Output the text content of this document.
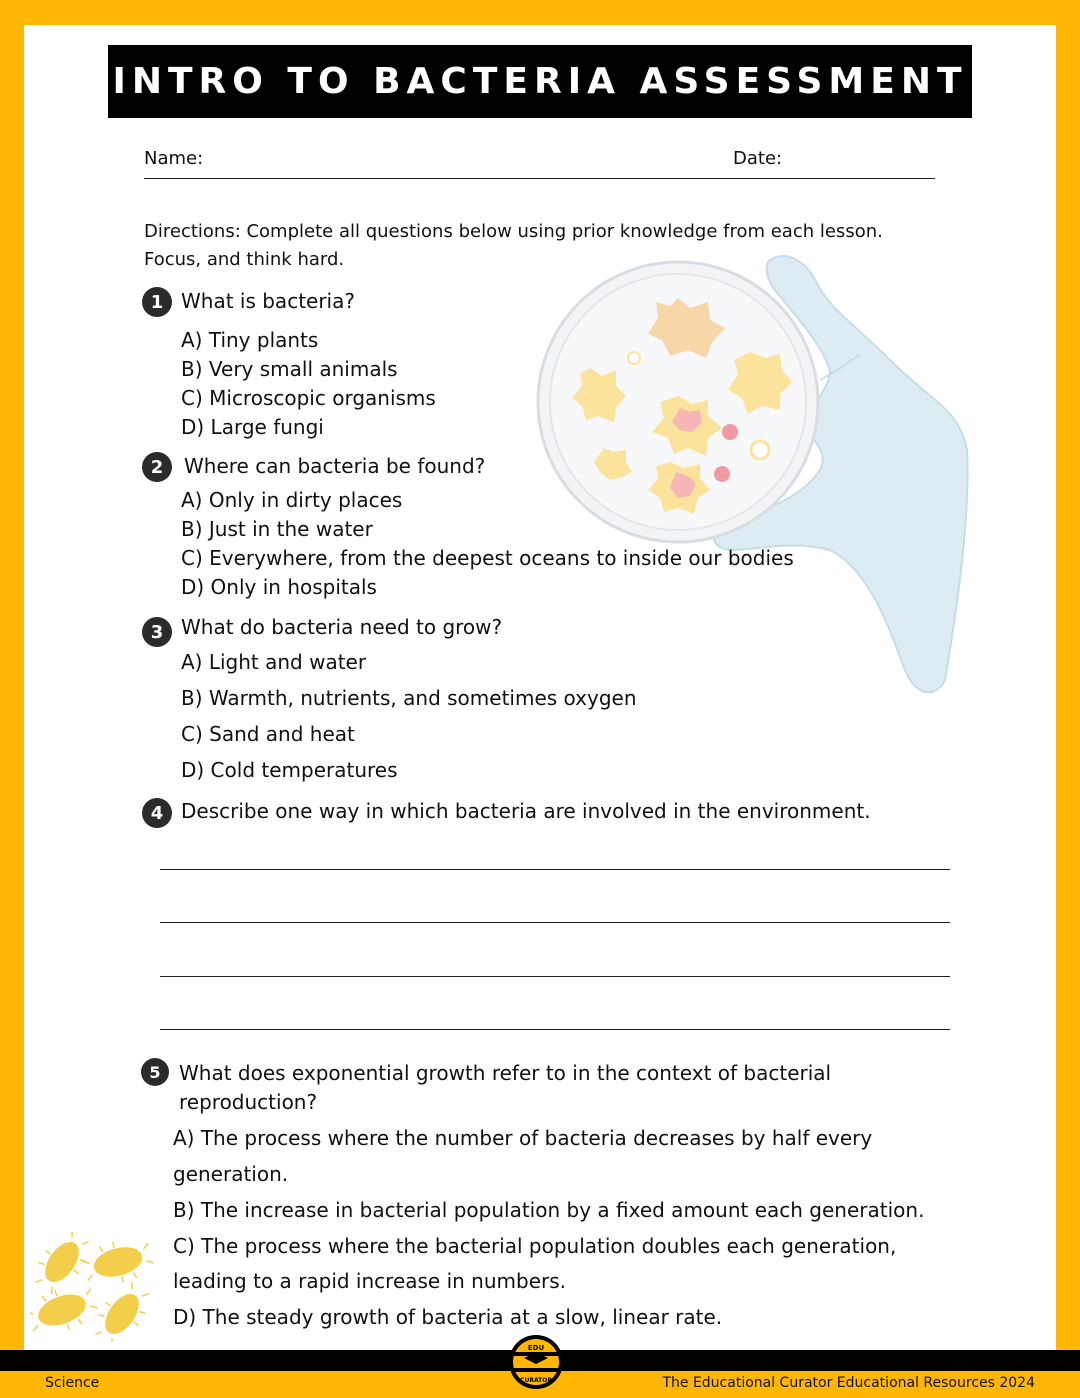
INTRO TO BACTERIA ASSESSMENT
Name:	Date:
Directions: Complete all questions below using prior knowledge from each lesson.
Focus, and think hard.
1 What is bacteria?
A) Tiny plants
B) Very small animals
C) Microscopic organisms
D) Large fungi
2	Where can bacteria be found?
A) Only in dirty places
B) Just in the water
C) Everywhere, from the deepest oceans to inside our bodies
D) Only in hospitals
3 What do bacteria need to grow?
A) Light and water
B) Warmth, nutrients, and sometimes oxygen
C) Sand and heat
D) Cold temperatures
4 Describe one way in which bacteria are involved in the environment.
5 What does exponential growth refer to in the context of bacterial
reproduction?
A) The process where the number of bacteria decreases by half every
generation.
B) The increase in bacterial population by a fixed amount each generation.
C) The process where the bacterial population doubles each generation,
leading to a rapid increase in numbers.
D) The steady growth of bacteria at a slow, linear rate.
Science	The Educational Curator Educational Resources 2024
EDU
CURATOR
